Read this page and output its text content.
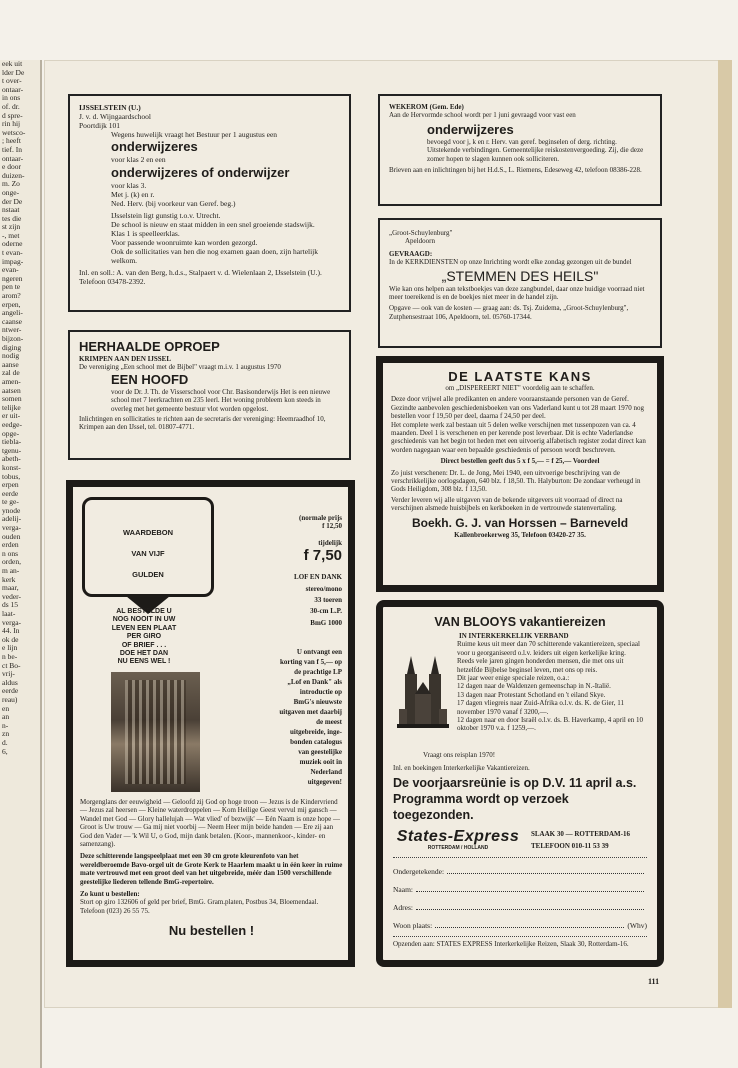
eek uit
lder De
t over-
ontaar-
in ons
of. dr.
d spre-
rin hij
wetsco-
; heeft
tief. In
ontaar-
e door
duizen-
m. Zo
onge-
der De
nstaat
tes die
st zijn
-, met
oderne
t evan-
impag-
evan-
ngeren
pen te
arom?
erpen,
angeli-
caanse
ntwer-
bijzon-
diging
nodig
aanse
zal de
amen-
aatsen
somen
telijke
er uit-
eedge-
opge-
tiebla-
tgenu-
abeth-
konst-
tobus,
erpen
eerde
te ge-
ynode
adelij-
verga-
ouden
erden
n ons
orden,
m an-
kerk
maar,
veder-
ds 15
laat-
verga-
44. In
ok de
e lijn
n be-
ct Bo-
vrij-
aldus
eerde
reau)
en
an
n-
zn
d.
6,

IJSSELSTEIN (U.)

J. v. d. Wijngaardschool

Poortdijk 101

Wegens huwelijk vraagt het Bestuur per 1 augustus een

onderwijzeres

voor klas 2 en een

onderwijzeres of onderwijzer

voor klas 3.

Met j. (k) en r.

Ned. Herv. (bij voorkeur van Geref. beg.)

IJsselstein ligt gunstig t.o.v. Utrecht.

De school is nieuw en staat midden in een snel groeiende stadswijk.

Klas 1 is speelleerklas.

Voor passende woonruimte kan worden gezorgd.

Ook de sollicitaties van hen die nog examen gaan doen, zijn hartelijk welkom.

Inl. en soll.: A. van den Berg, h.d.s., Stalpaert v. d. Wielenlaan 2, IJsselstein (U.). Telefoon 03478-2392.

HERHAALDE OPROEP

KRIMPEN AAN DEN IJSSEL

De vereniging „Een school met de Bijbel" vraagt m.i.v. 1 augustus 1970

EEN HOOFD

voor de Dr. J. Th. de Visserschool voor Chr. Basisonderwijs Het is een nieuwe school met 7 leerkrachten en 235 leerl. Het woning probleem kon steeds in overleg met het gemeente bestuur vlot worden opgelost.

Inlichtingen en sollicitaties te richten aan de secretaris der vereniging: Heemraadhof 10, Krimpen aan den IJssel, tel. 01807-4771.

WAARDEBON

VAN VIJF

GULDEN

(normale prijs

f 12,50

tijdelijk

f 7,50

LOF EN DANK

stereo/mono

33 toeren

30-cm L.P.

BmG 1000

AL BESTELDE U

NOG NOOIT IN UW

LEVEN EEN PLAAT

PER GIRO

OF BRIEF . . .

DOE HET DAN

NU EENS WEL !

U ontvangt een

korting van f 5,— op

de prachtige LP

„Lof en Dank" als

introductie op

BmG's nieuwste

uitgaven met daarbij

de meest

uitgebreide, inge-

bonden catalogus

van geestelijke

muziek ooit in

Nederland

uitgegeven!

Morgenglans der eeuwigheid — Geloofd zij God op hoge troon — Jezus is de Kindervriend — Jezus zal heersen — Kleine waterdroppelen — Kom Heilige Geest vervul mij gansch — Wandel met God — Glory hallelujah — Wat vlied' of bezwijk' — Eén Naam is onze hope — Groot is Uw trouw — Ga mij niet voorbij — Neem Heer mijn beide handen — Ere zij aan God den Vader — 'k Wil U, o God, mijn dank betalen. (Koor-, mannenkoor-, kinder- en samenzang).

Deze schitterende langspeelplaat met een 30 cm grote kleurenfoto van het wereldberoemde Bavo-orgel uit de Grote Kerk te Haarlem maakt u in één keer in ruime mate vertrouwd met een groot deel van het uitgebreide, méér dan 1500 verschillende geestelijke liederen tellende BmG-repertoire.

Zo kunt u bestellen:

Stort op giro 132606 of geld per brief, BmG. Gram.platen, Postbus 34, Bloemendaal. Telefoon (023) 26 55 75.

Nu bestellen !

WEKEROM (Gem. Ede)

Aan de Hervormde school wordt per 1 juni gevraagd voor vast een

onderwijzeres

bevoegd voor j, k en r. Herv. van geref. beginselen of derg. richting. Uitstekende verbindingen. Gemeentelijke reiskostenvergoeding. Zij, die deze zomer hopen te slagen kunnen ook solliciteren.

Brieven aan en inlichtingen bij het H.d.S., L. Riemens, Edeseweg 42, telefoon 08386-228.

„Groot-Schuylenburg"

Apeldoorn

GEVRAAGD:

In de KERKDIENSTEN op onze Inrichting wordt elke zondag gezongen uit de bundel

„STEMMEN DES HEILS"

Wie kan ons helpen aan tekstboekjes van deze zangbundel, daar onze huidige voorraad niet meer toereikend is en de boekjes niet meer in de handel zijn.

Opgave — ook van de kosten — graag aan: ds. Tsj. Zuidema, „Groot-Schuylenburg", Zutphensestraat 106, Apeldoorn, tel. 05760-17344.

DE LAATSTE KANS

om „DISPEREERT NIET" voordelig aan te schaffen.

Deze door vrijwel alle predikanten en andere vooraanstaande personen van de Geref. Gezindte aanbevolen geschiedenisboeken van ons Vaderland kunt u tot 28 maart 1970 nog bestellen voor f 19,50 per deel, daarna f 24,50 per deel.

Het complete werk zal bestaan uit 5 delen welke verschijnen met tussenpozen van ca. 4 maanden. Deel 1 is verschenen en per kerende post leverbaar. Dit is echte Vaderlandse geschiedenis van het begin tot heden met een uitvoerig alfabetisch register zodat direct kan worden nagegaan waar een bepaalde geschiedenis of persoon wordt beschreven.

Direct bestellen geeft dus 5 x f 5,— = f 25,— Voordeel

Zo juist verschenen: Dr. L. de Jong, Mei 1940, een uitvoerige beschrijving van de verschrikkelijke oorlogsdagen, 640 blz. f 18,50. Th. Halyburton: De zondaar verheugd in Gods Heiligdom, 308 blz. f 13,50.

Verder leveren wij alle uitgaven van de bekende uitgevers uit voorraad of direct na verschijnen alsmede huisbijbels en kerkboeken in de vertrouwde statenvertaling.

Boekh. G. J. van Horssen – Barneveld

Kallenbroekerweg 35, Telefoon 03420-27 35.

VAN BLOOYS vakantiereizen

IN INTERKERKELIJK VERBAND

Ruime keus uit meer dan 70 schitterende vakantiereizen, speciaal voor u georganiseerd o.l.v. leiders uit eigen kerkelijke kring.

Reeds vele jaren gingen honderden mensen, die met ons uit hetzelfde Bijbelse beginsel leven, met ons op reis.

Dit jaar weer enige speciale reizen, o.a.:

12 dagen naar de Waldenzen gemeenschap in N.-Italië.

13 dagen naar Protestant Schotland en 't eiland Skye.

17 dagen vliegreis naar Zuid-Afrika o.l.v. ds. K. de Gier, 11 november 1970 vanaf f 3200,—.

12 dagen naar en door Israël o.l.v. ds. B. Haverkamp, 4 april en 10 oktober 1970 v.a. f 1259,—.

Vraagt ons reisplan 1970!

Inl. en boekingen Interkerkelijke Vakantiereizen.

De voorjaarsreünie is op D.V. 11 april a.s. Programma wordt op verzoek toegezonden.

States-Express
ROTTERDAM / HOLLAND

SLAAK 30 — ROTTERDAM-16

TELEFOON 010-11 53 39

Ondergetekende:
Naam:
Adres:
Woon plaats:	(Whv)

Opzenden aan: STATES EXPRESS Interkerkelijke Reizen, Slaak 30, Rotterdam-16.

111
